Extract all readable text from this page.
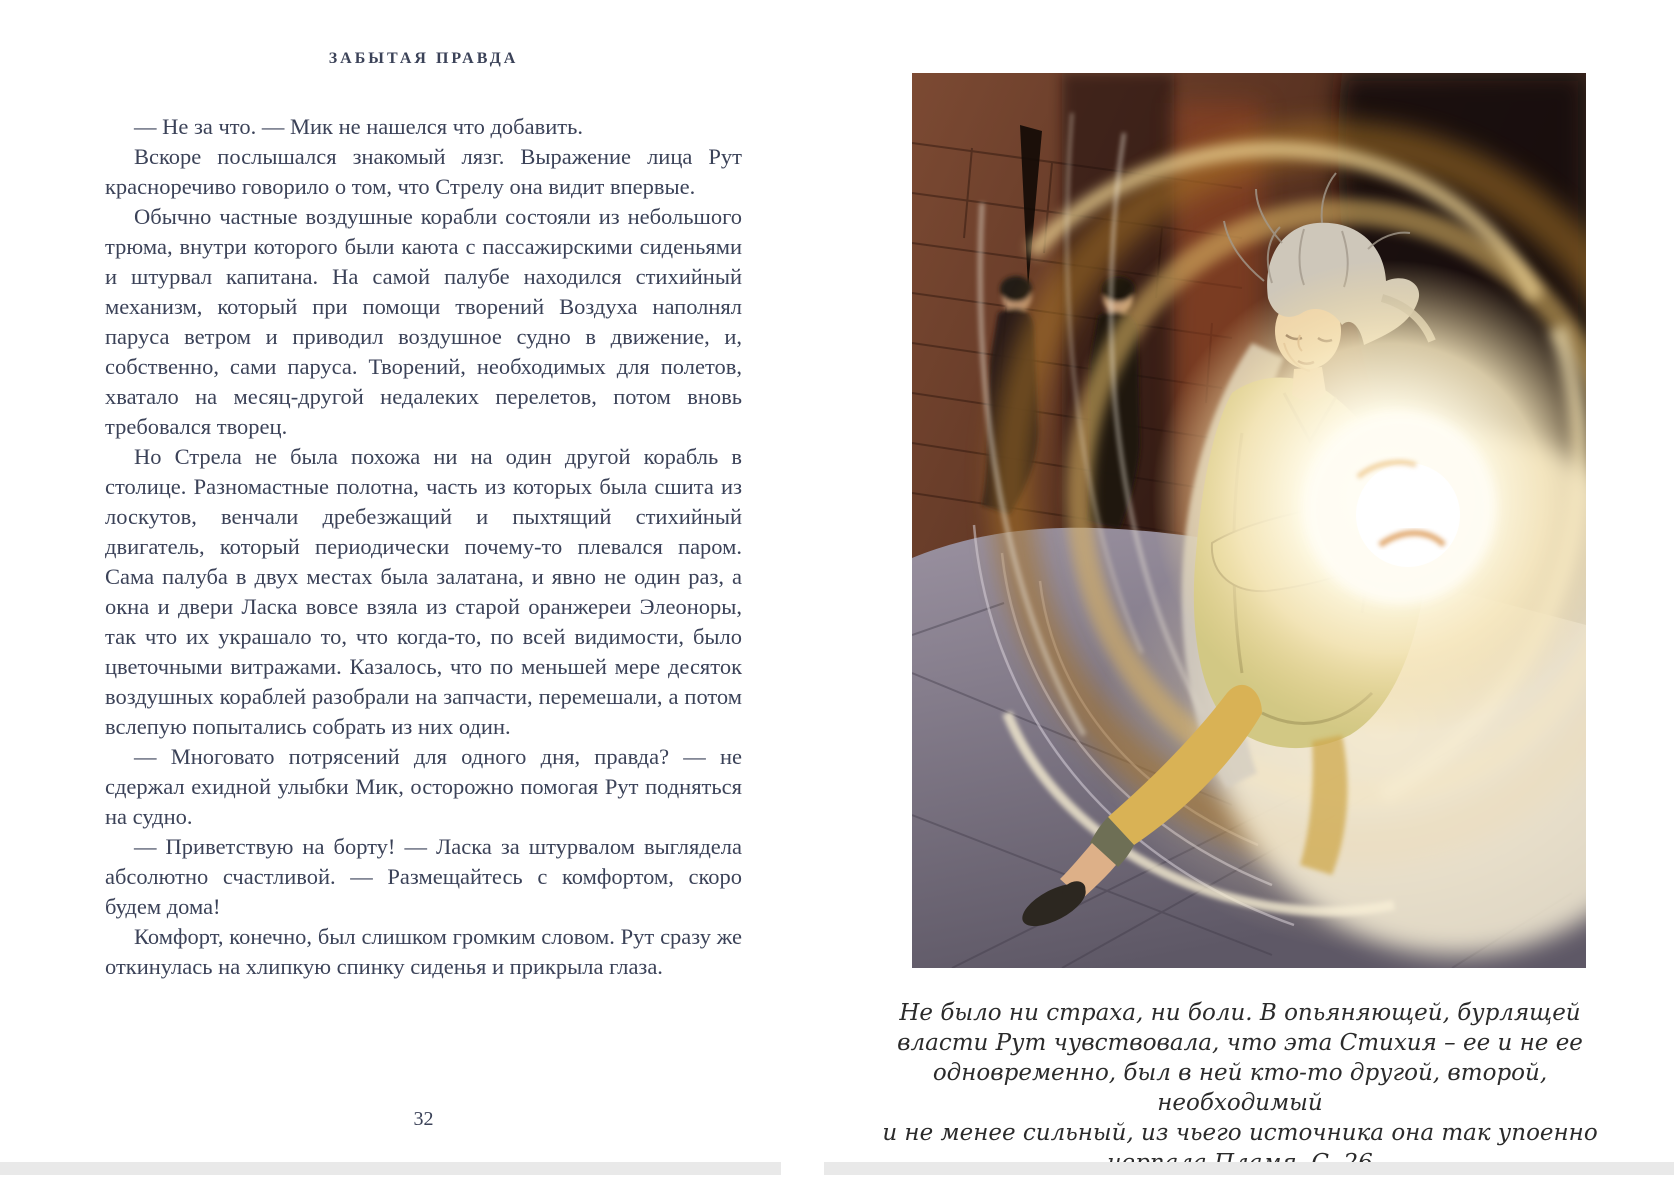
ЗАБЫТАЯ ПРАВДА

— Не за что. — Мик не нашелся что добавить.

Вскоре послышался знакомый лязг. Выражение лица Рут красноречиво говорило о том, что Стрелу она видит впервые.

Обычно частные воздушные корабли состояли из небольшого трюма, внутри которого были каюта с пассажирскими сиденьями и штурвал капитана. На самой палубе находился стихийный механизм, который при помощи творений Воздуха наполнял паруса ветром и приводил воздушное судно в движение, и, собственно, сами паруса. Творений, необходимых для полетов, хватало на месяц-другой недалеких перелетов, потом вновь требовался творец.

Но Стрела не была похожа ни на один другой корабль в столице. Разномастные полотна, часть из которых была сшита из лоскутов, венчали дребезжащий и пыхтящий стихийный двигатель, который периодически почему-то плевался паром. Сама палуба в двух местах была залатана, и явно не один раз, а окна и двери Ласка вовсе взяла из старой оранжереи Элеоноры, так что их украшало то, что когда-то, по всей видимости, было цветочными витражами. Казалось, что по меньшей мере десяток воздушных кораблей разобрали на запчасти, перемешали, а потом вслепую попытались собрать из них один.

— Многовато потрясений для одного дня, правда? — не сдержал ехидной улыбки Мик, осторожно помогая Рут подняться на судно.

— Приветствую на борту! — Ласка за штурвалом выглядела абсолютно счастливой. — Размещайтесь с комфортом, скоро будем дома!

Комфорт, конечно, был слишком громким словом. Рут сразу же откинулась на хлипкую спинку сиденья и прикрыла глаза.

32
Не было ни страха, ни боли. В опьяняющей, бурлящей
власти Рут чувствовала, что эта Стихия – ее и не ее
одновременно, был в ней кто-то другой, второй, необходимый
и не менее сильный, из чьего источника она так упоенно
